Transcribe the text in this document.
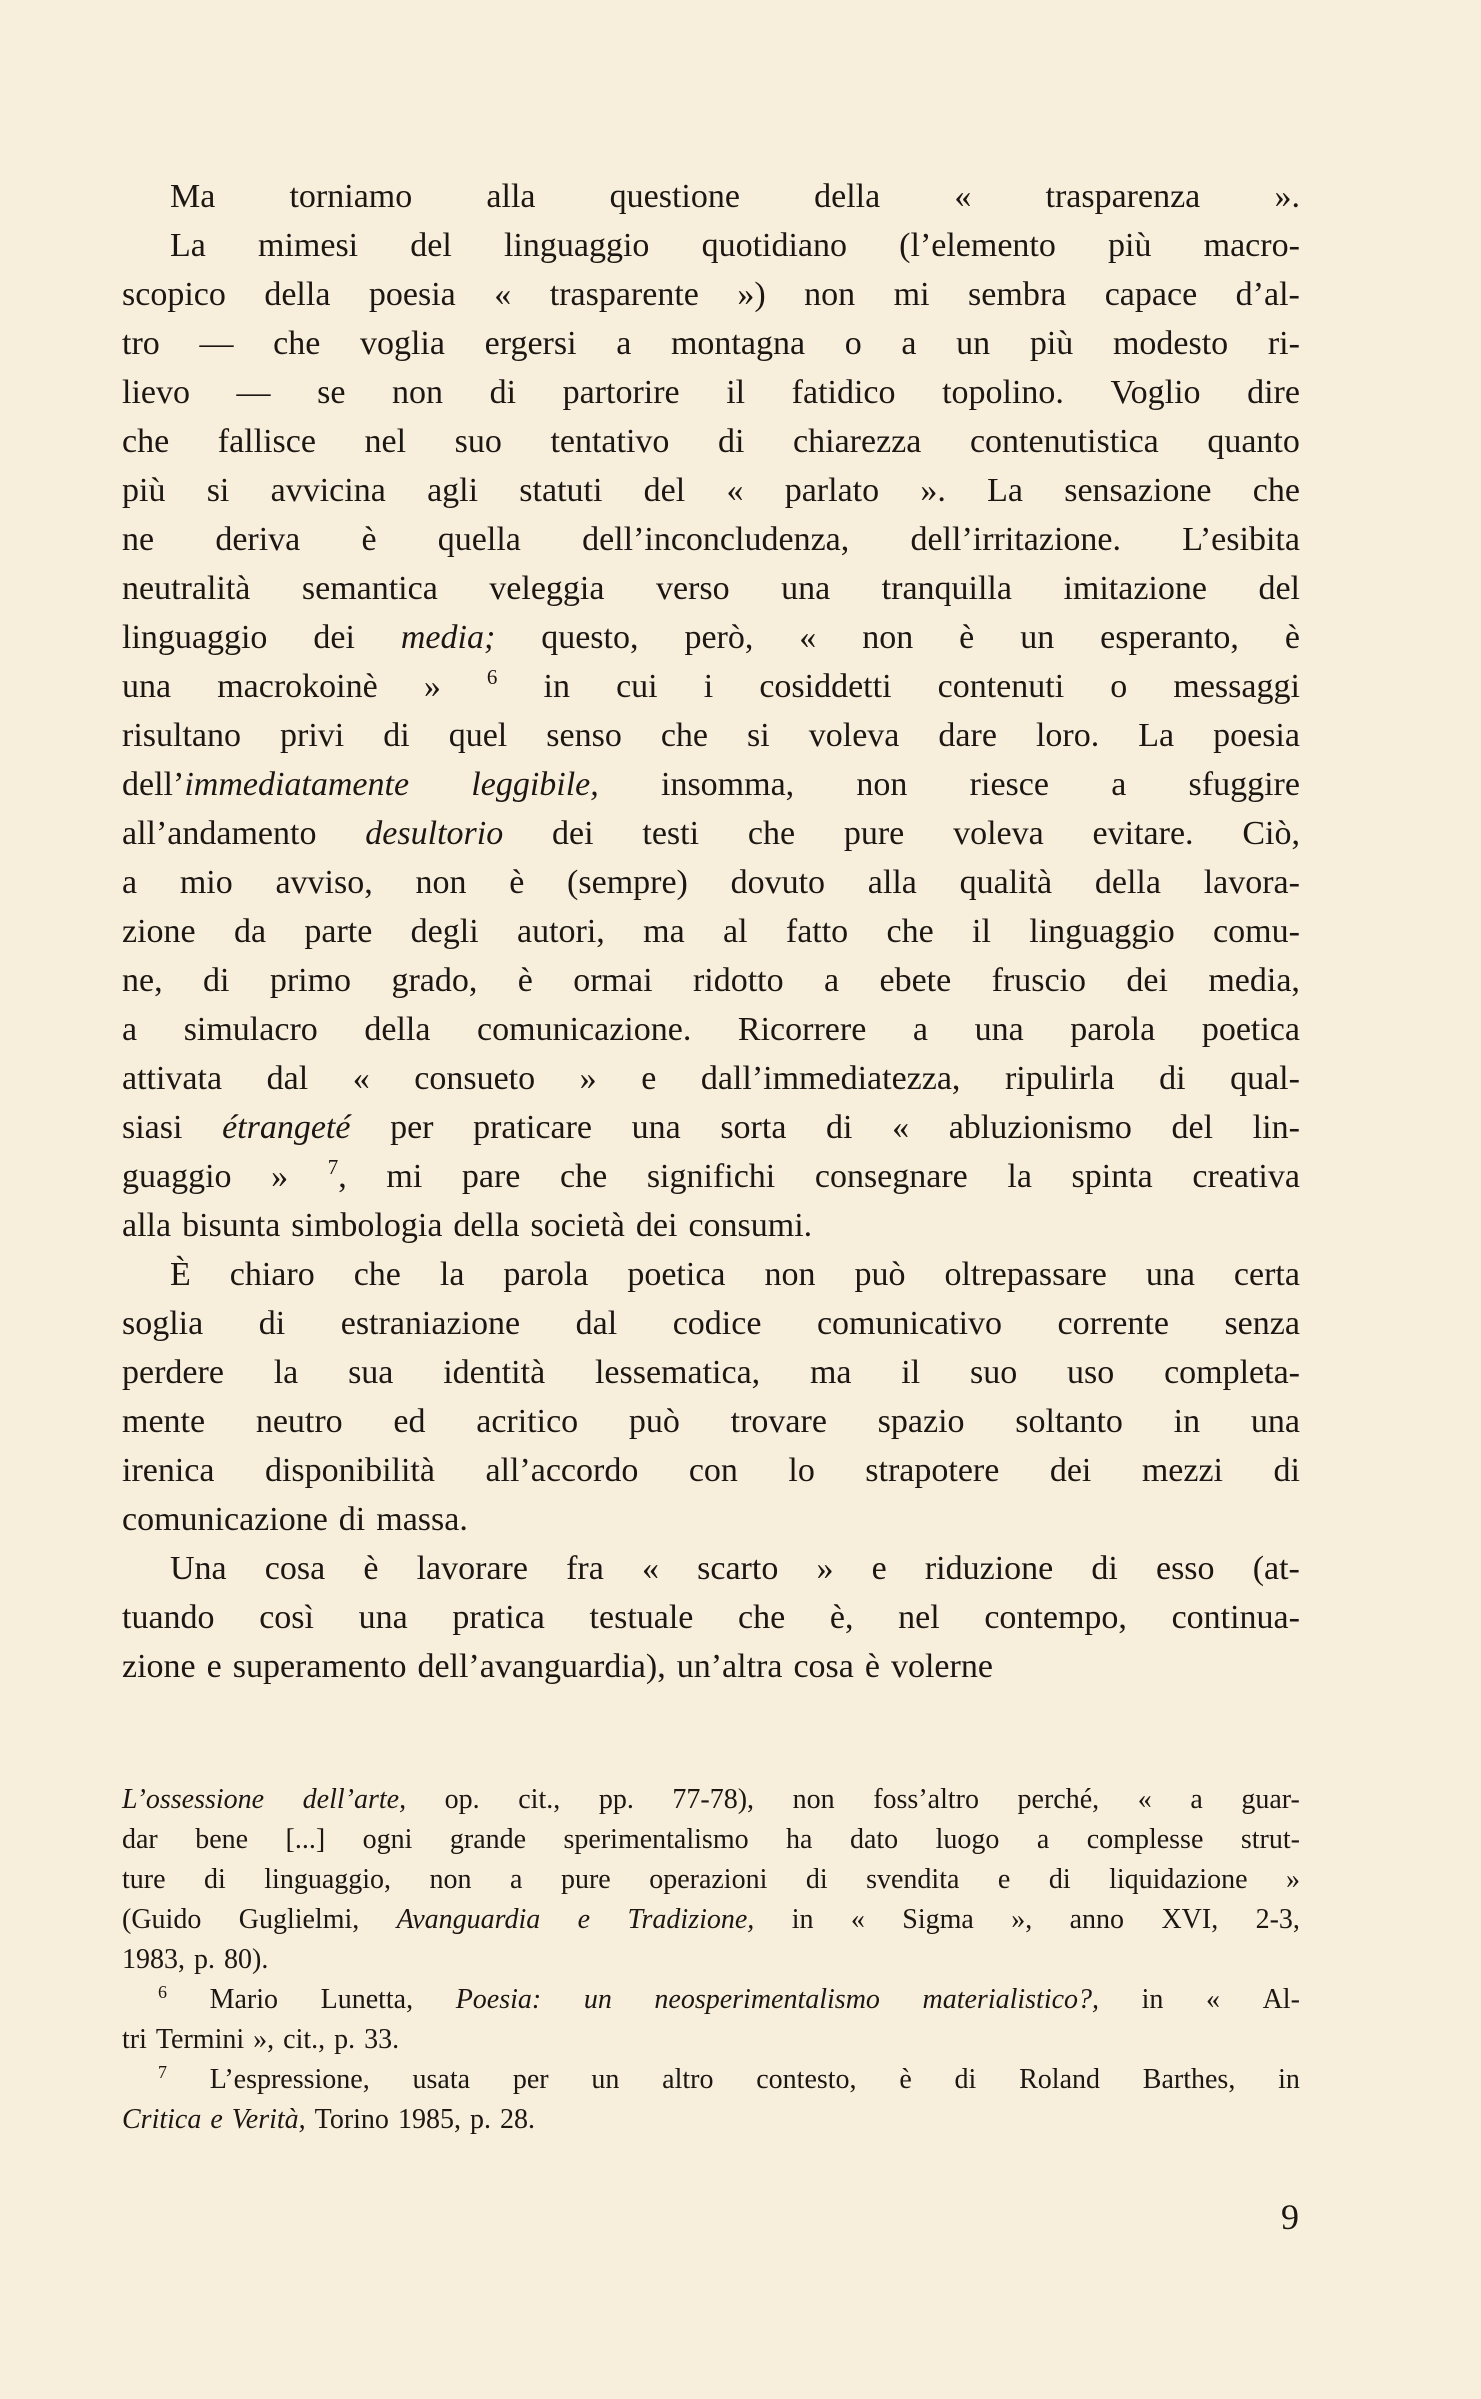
Ma torniamo alla questione della « trasparenza ».
La mimesi del linguaggio quotidiano (l’elemento più macro-
scopico della poesia « trasparente ») non mi sembra capace d’al-
tro — che voglia ergersi a montagna o a un più modesto ri-
lievo — se non di partorire il fatidico topolino. Voglio dire
che fallisce nel suo tentativo di chiarezza contenutistica quanto
più si avvicina agli statuti del « parlato ». La sensazione che
ne deriva è quella dell’inconcludenza, dell’irritazione. L’esibita
neutralità semantica veleggia verso una tranquilla imitazione del
linguaggio dei media; questo, però, « non è un esperanto, è
una macrokoinè » $^6$ in cui i cosiddetti contenuti o messaggi
risultano privi di quel senso che si voleva dare loro. La poesia
dell’immediatamente leggibile, insomma, non riesce a sfuggire
all’andamento desultorio dei testi che pure voleva evitare. Ciò,
a mio avviso, non è (sempre) dovuto alla qualità della lavora-
zione da parte degli autori, ma al fatto che il linguaggio comu-
ne, di primo grado, è ormai ridotto a ebete fruscio dei media,
a simulacro della comunicazione. Ricorrere a una parola poetica
attivata dal « consueto » e dall’immediatezza, ripulirla di qual-
siasi étrangeté per praticare una sorta di « abluzionismo del lin-
guaggio » $^7$, mi pare che significhi consegnare la spinta creativa
alla bisunta simbologia della società dei consumi.
È chiaro che la parola poetica non può oltrepassare una certa
soglia di estraniazione dal codice comunicativo corrente senza
perdere la sua identità lessematica, ma il suo uso completa-
mente neutro ed acritico può trovare spazio soltanto in una
irenica disponibilità all’accordo con lo strapotere dei mezzi di
comunicazione di massa.
Una cosa è lavorare fra « scarto » e riduzione di esso (at-
tuando così una pratica testuale che è, nel contempo, continua-
zione e superamento dell’avanguardia), un’altra cosa è volerne
L’ossessione dell’arte, op. cit., pp. 77-78), non foss’altro perché, « a guar-
dar bene [...] ogni grande sperimentalismo ha dato luogo a complesse strut-
ture di linguaggio, non a pure operazioni di svendita e di liquidazione »
(Guido Guglielmi, Avanguardia e Tradizione, in « Sigma », anno XVI, 2-3,
1983, p. 80).
$^6$ Mario Lunetta, Poesia: un neosperimentalismo materialistico?, in « Al-
tri Termini », cit., p. 33.
$^7$ L’espressione, usata per un altro contesto, è di Roland Barthes, in
Critica e Verità, Torino 1985, p. 28.
9
